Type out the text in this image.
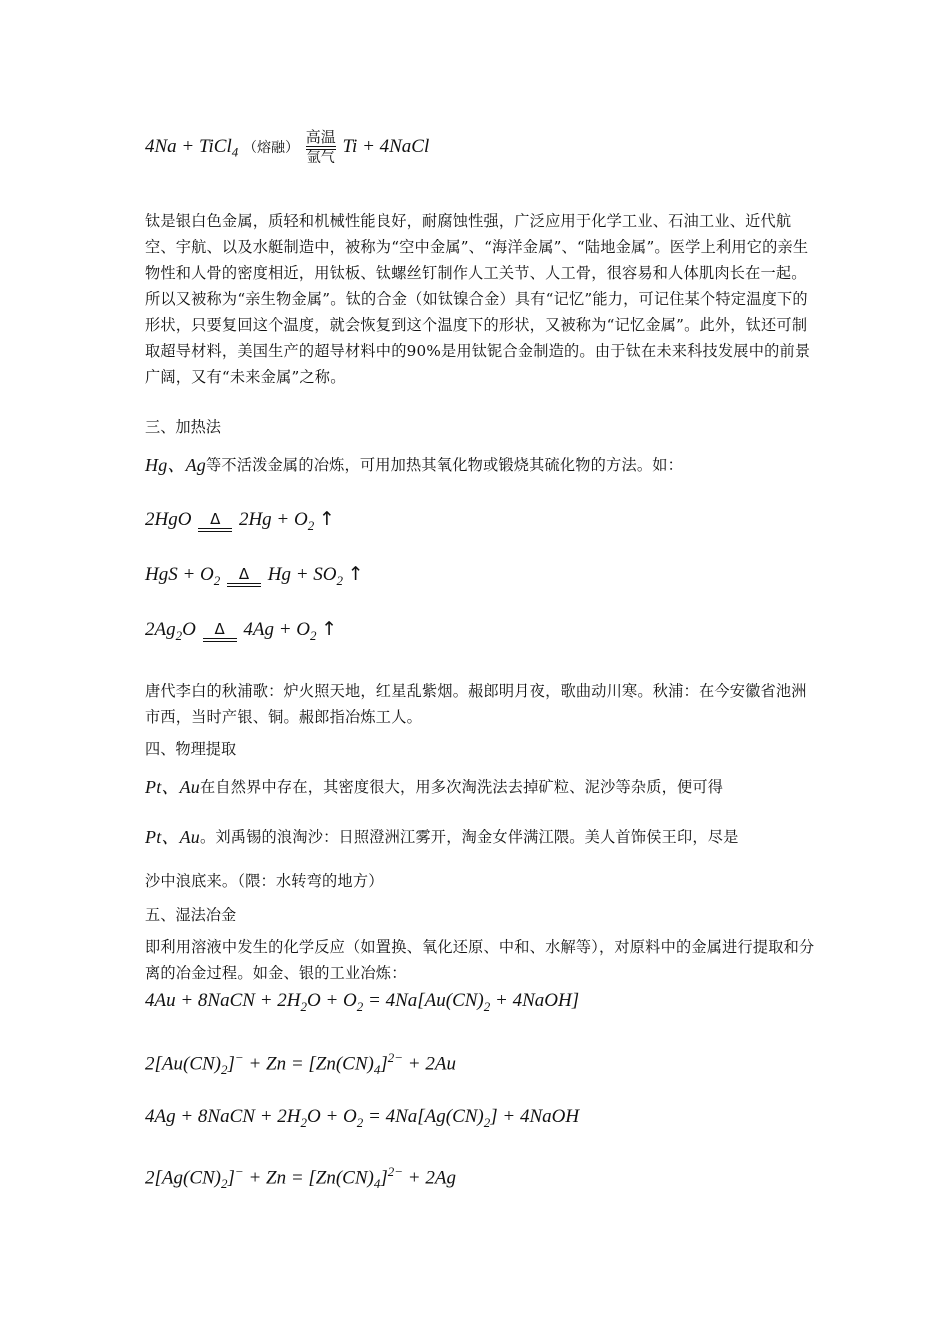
4Na + TiCl$_4$ （熔融）
高温
氩气
Ti + 4NaCl
钛是银白色金属，质轻和机械性能良好，耐腐蚀性强，广泛应用于化学工业、石油工业、近代航空、宇航、以及水艇制造中，被称为“空中金属”、“海洋金属”、“陆地金属”。医学上利用它的亲生物性和人骨的密度相近，用钛板、钛螺丝钉制作人工关节、人工骨，很容易和人体肌肉长在一起。所以又被称为“亲生物金属”。钛的合金（如钛镍合金）具有“记忆”能力，可记住某个特定温度下的形状，只要复回这个温度，就会恢复到这个温度下的形状，又被称为“记忆金属”。此外，钛还可制取超导材料，美国生产的超导材料中的90%是用钛铌合金制造的。由于钛在未来科技发展中的前景广阔，又有“未来金属”之称。
三、加热法
Hg、Ag等不活泼金属的冶炼，可用加热其氧化物或锻烧其硫化物的方法。如：
2HgO	Δ $2Hg + O_2$ ↑
HgS + $O_2$	Δ $Hg + SO_2$ ↑
$2Ag_2O$	Δ $4Ag + O_2$ ↑
唐代李白的秋浦歌：炉火照天地，红星乱紫烟。赧郎明月夜，歌曲动川寒。秋浦：在今安徽省池洲市西，当时产银、铜。赧郎指冶炼工人。
四、物理提取
Pt、Au在自然界中存在，其密度很大，用多次淘洗法去掉矿粒、泥沙等杂质，便可得
Pt、Au。刘禹锡的浪淘沙：日照澄洲江雾开，淘金女伴满江隈。美人首饰侯王印，尽是
沙中浪底来。（隈：水转弯的地方）
五、湿法冶金
即利用溶液中发生的化学反应（如置换、氧化还原、中和、水解等），对原料中的金属进行提取和分离的冶金过程。如金、银的工业冶炼：
4Au + 8NaCN + $2H_2O + O_2 = 4Na[Au(CN)_2$ + 4NaOH]
$2[Au(CN)_2]^- + Zn = [Zn(CN)_4]^{2-} + 2Au$
4Ag + 8NaCN + $2H_2O + O_2 = 4Na[Ag(CN)_2]$ + 4NaOH
$2[Ag(CN)_2]^- + Zn = [Zn(CN)_4]^{2-} + 2Ag$
